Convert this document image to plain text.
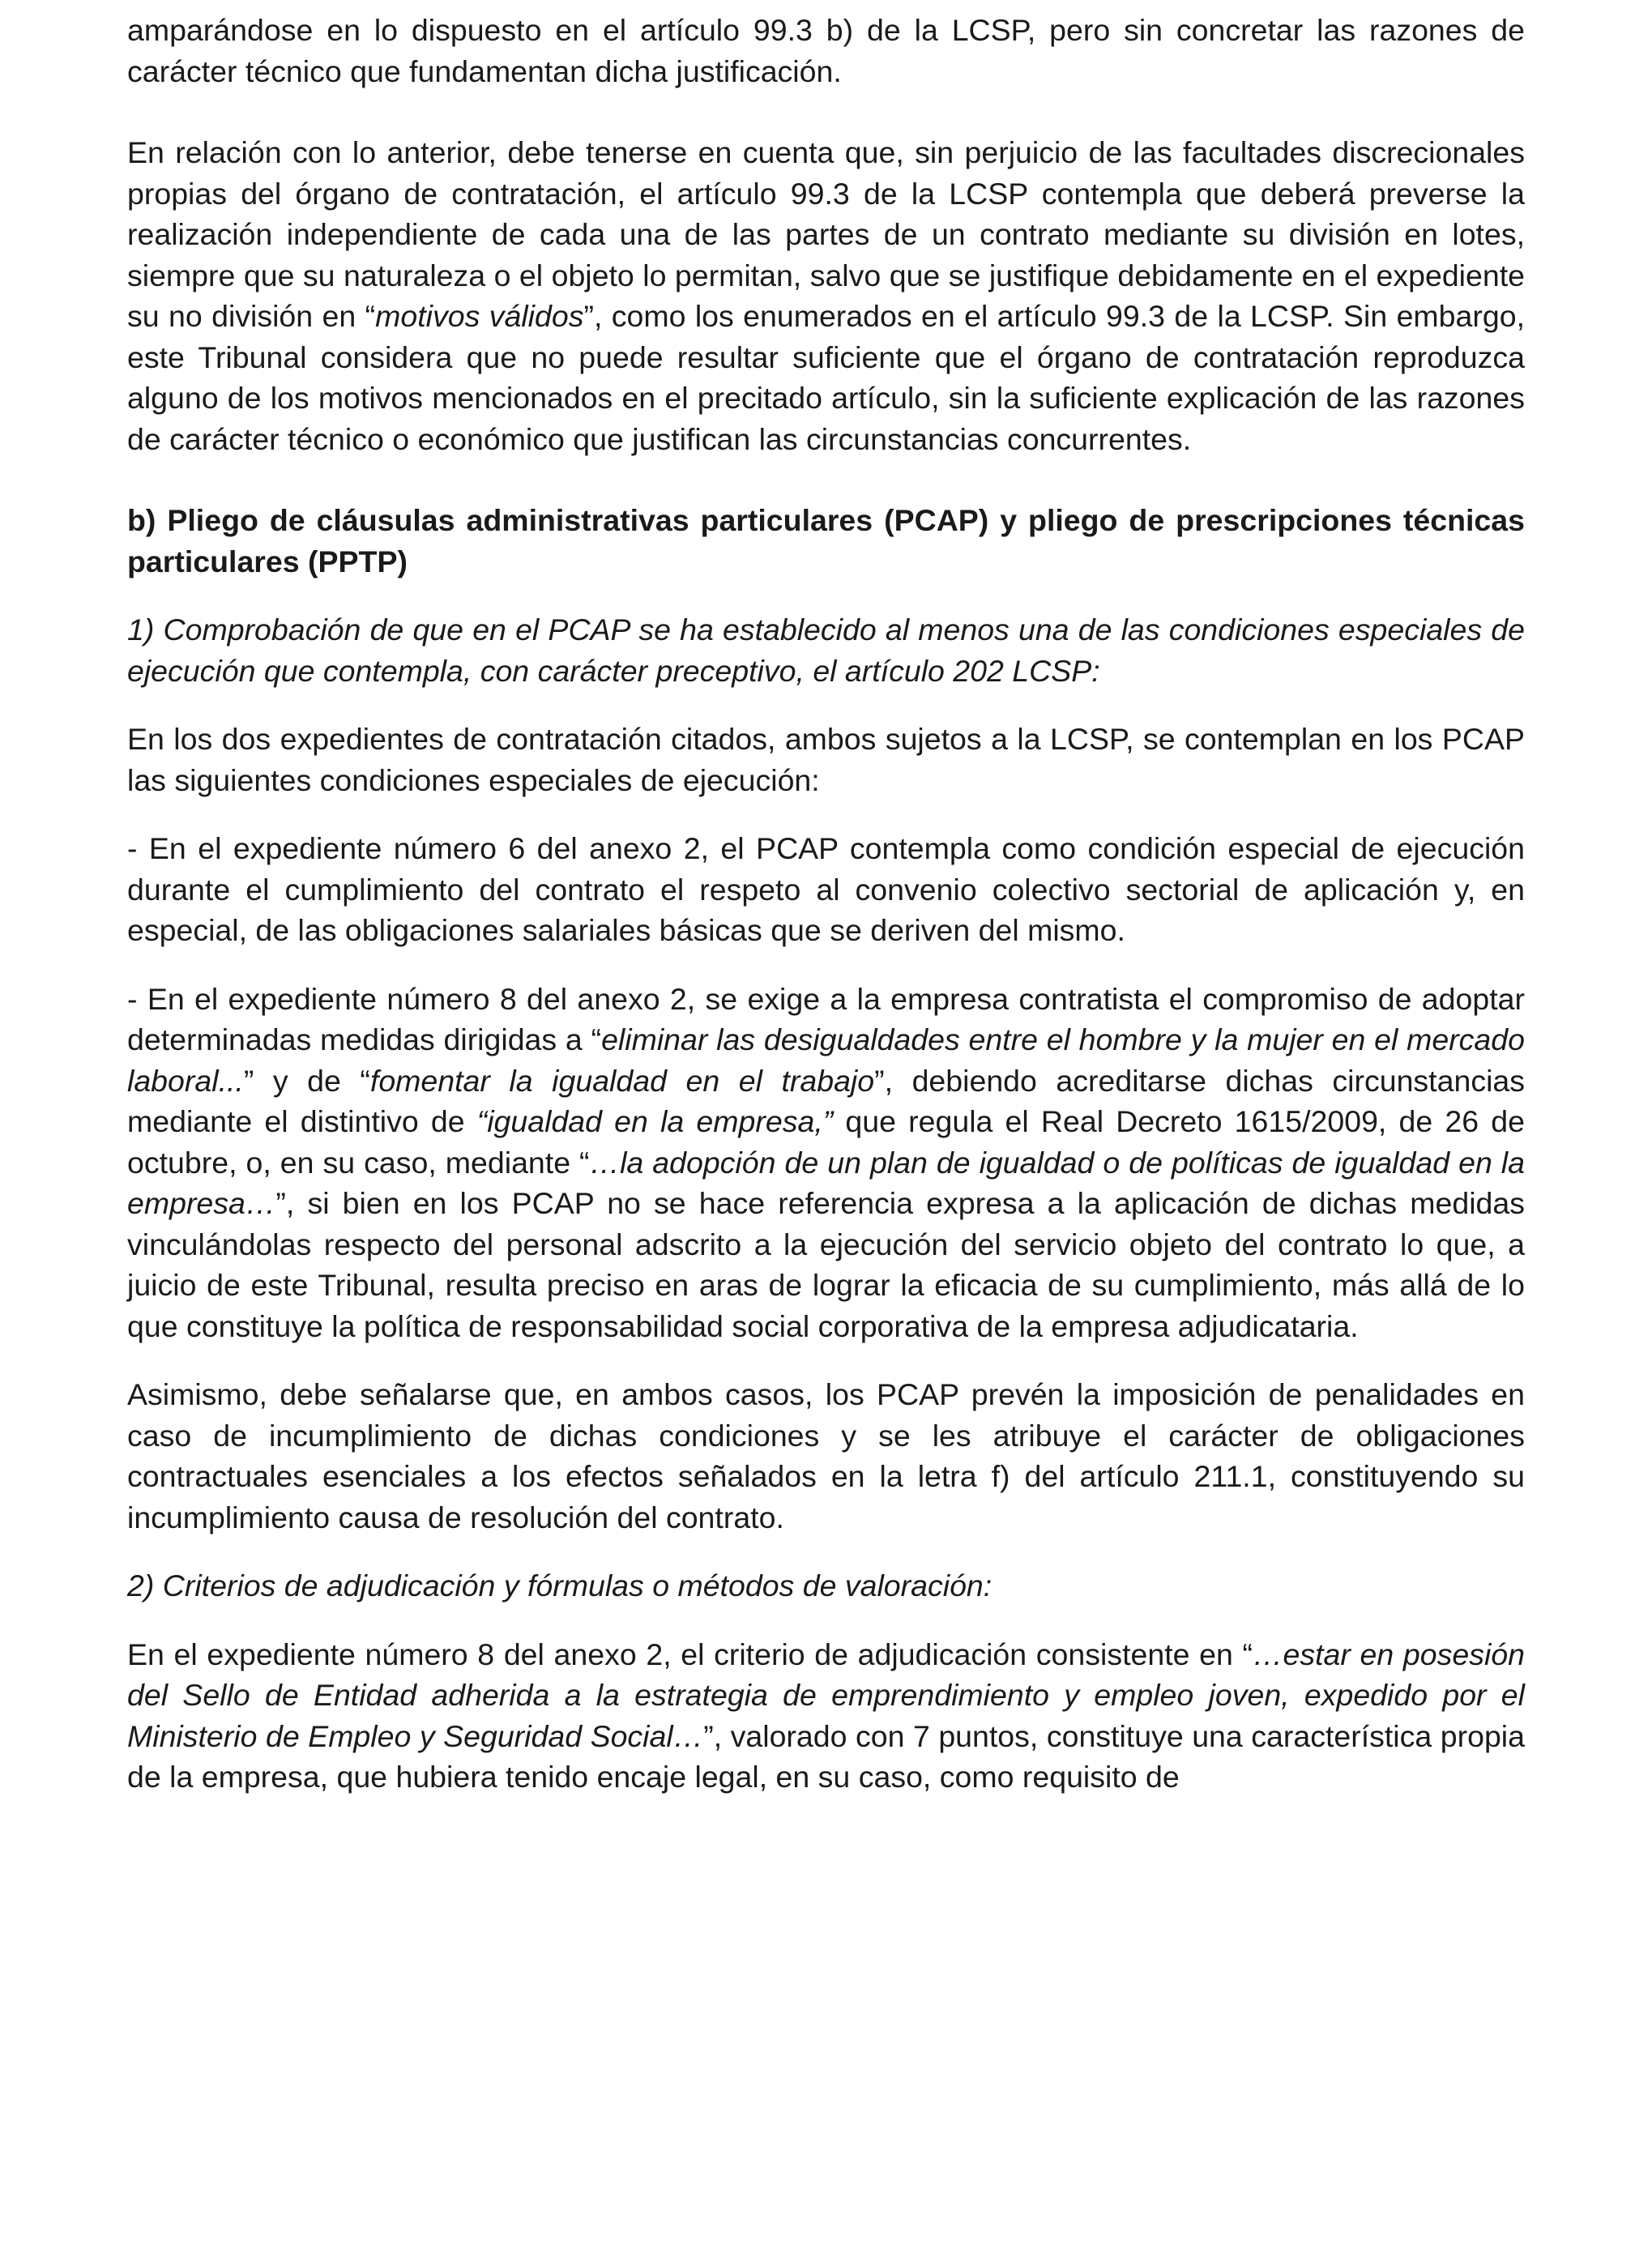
amparándose en lo dispuesto en el artículo 99.3 b) de la LCSP, pero sin concretar las razones de carácter técnico que fundamentan dicha justificación.

En relación con lo anterior, debe tenerse en cuenta que, sin perjuicio de las facultades discrecionales propias del órgano de contratación, el artículo 99.3 de la LCSP contempla que deberá preverse la realización independiente de cada una de las partes de un contrato mediante su división en lotes, siempre que su naturaleza o el objeto lo permitan, salvo que se justifique debidamente en el expediente su no división en “motivos válidos”, como los enumerados en el artículo 99.3 de la LCSP. Sin embargo, este Tribunal considera que no puede resultar suficiente que el órgano de contratación reproduzca alguno de los motivos mencionados en el precitado artículo, sin la suficiente explicación de las razones de carácter técnico o económico que justifican las circunstancias concurrentes.

b) Pliego de cláusulas administrativas particulares (PCAP) y pliego de prescripciones técnicas particulares (PPTP)

1) Comprobación de que en el PCAP se ha establecido al menos una de las condiciones especiales de ejecución que contempla, con carácter preceptivo, el artículo 202 LCSP:

En los dos expedientes de contratación citados, ambos sujetos a la LCSP, se contemplan en los PCAP las siguientes condiciones especiales de ejecución:

- En el expediente número 6 del anexo 2, el PCAP contempla como condición especial de ejecución durante el cumplimiento del contrato el respeto al convenio colectivo sectorial de aplicación y, en especial, de las obligaciones salariales básicas que se deriven del mismo.

- En el expediente número 8 del anexo 2, se exige a la empresa contratista el compromiso de adoptar determinadas medidas dirigidas a “eliminar las desigualdades entre el hombre y la mujer en el mercado laboral...” y de “fomentar la igualdad en el trabajo”, debiendo acreditarse dichas circunstancias mediante el distintivo de “igualdad en la empresa,” que regula el Real Decreto 1615/2009, de 26 de octubre, o, en su caso, mediante “…la adopción de un plan de igualdad o de políticas de igualdad en la empresa…”, si bien en los PCAP no se hace referencia expresa a la aplicación de dichas medidas vinculándolas respecto del personal adscrito a la ejecución del servicio objeto del contrato lo que, a juicio de este Tribunal, resulta preciso en aras de lograr la eficacia de su cumplimiento, más allá de lo que constituye la política de responsabilidad social corporativa de la empresa adjudicataria.

Asimismo, debe señalarse que, en ambos casos, los PCAP prevén la imposición de penalidades en caso de incumplimiento de dichas condiciones y se les atribuye el carácter de obligaciones contractuales esenciales a los efectos señalados en la letra f) del artículo 211.1, constituyendo su incumplimiento causa de resolución del contrato.

2) Criterios de adjudicación y fórmulas o métodos de valoración:

En el expediente número 8 del anexo 2, el criterio de adjudicación consistente en “…estar en posesión del Sello de Entidad adherida a la estrategia de emprendimiento y empleo joven, expedido por el Ministerio de Empleo y Seguridad Social…”, valorado con 7 puntos, constituye una característica propia de la empresa, que hubiera tenido encaje legal, en su caso, como requisito de
